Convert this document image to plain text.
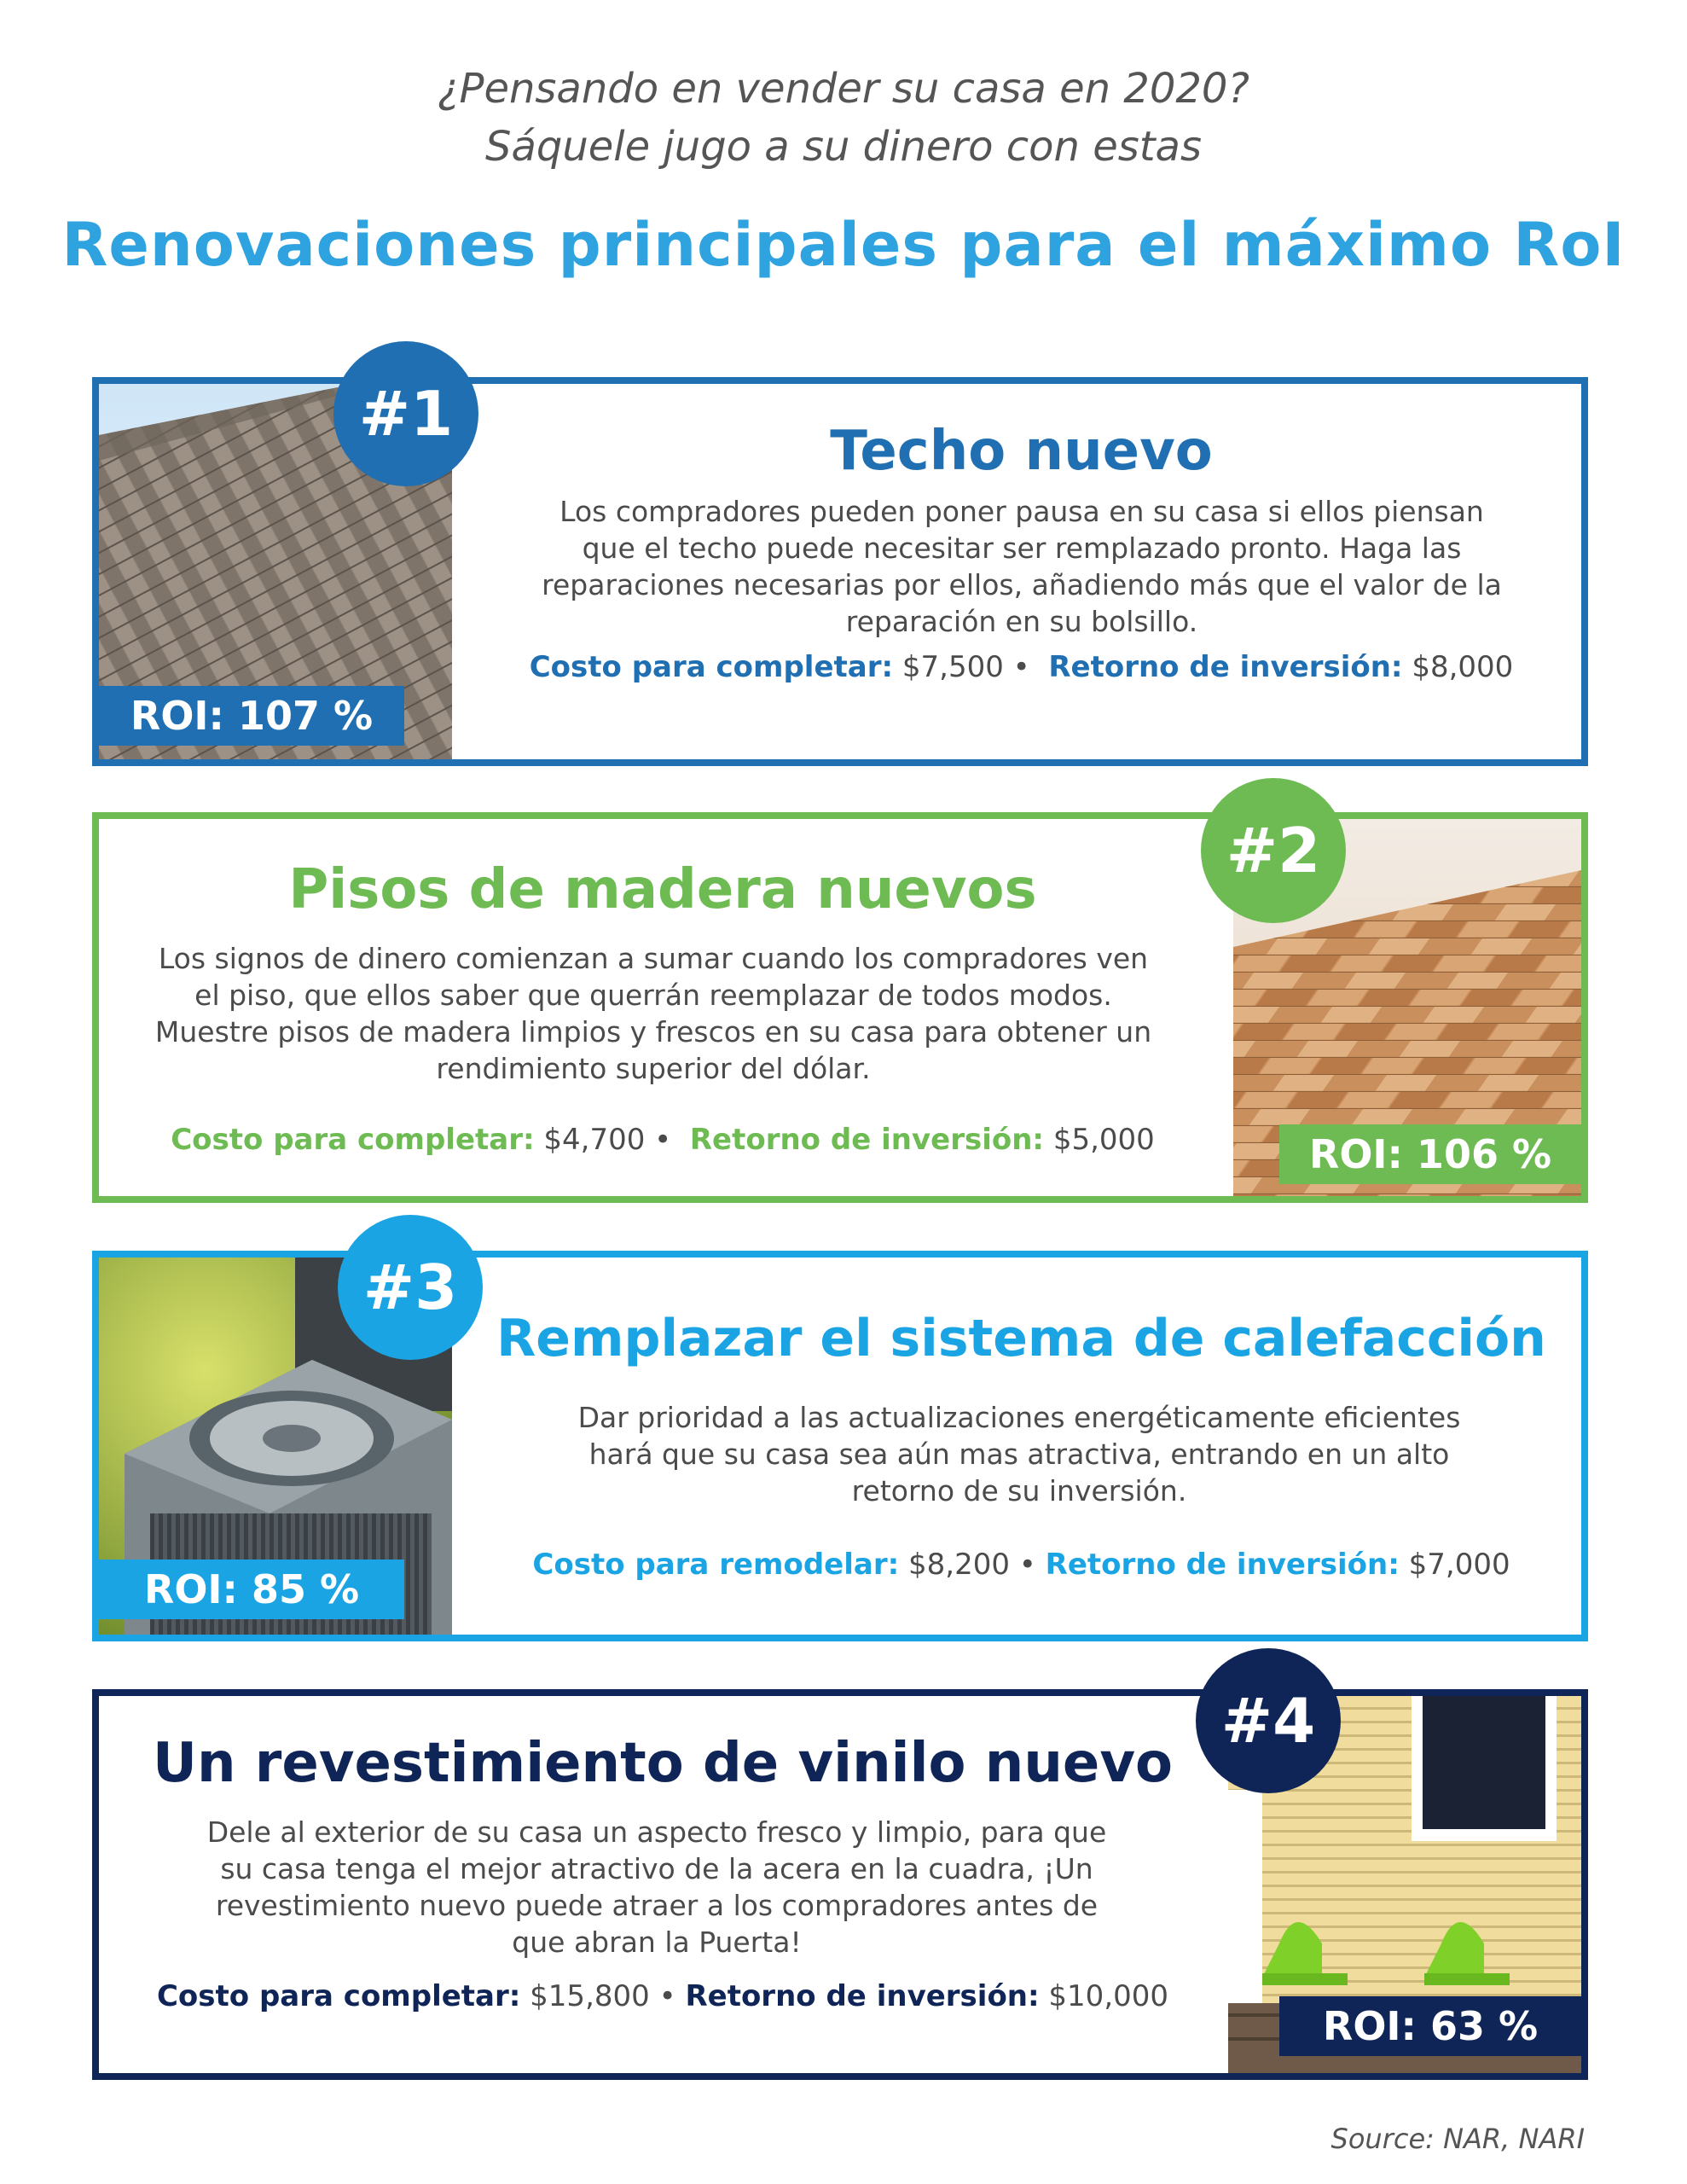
¿Pensando en vender su casa en 2020?
Sáquele jugo a su dinero con estas
Renovaciones principales para el máximo RoI
ROI: 107 %
#1
Techo nuevo
Los compradores pueden poner pausa en su casa si ellos piensan que el techo puede necesitar ser remplazado pronto. Haga las reparaciones necesarias por ellos, añadiendo más que el valor de la reparación en su bolsillo.
Costo para completar: $7,500 • Retorno de inversión: $8,000
ROI: 106 %
#2
Pisos de madera nuevos
Los signos de dinero comienzan a sumar cuando los compradores ven el piso, que ellos saber que querrán reemplazar de todos modos. Muestre pisos de madera limpios y frescos en su casa para obtener un rendimiento superior del dólar.
Costo para completar: $4,700 • Retorno de inversión: $5,000
ROI: 85 %
#3
Remplazar el sistema de calefacción
Dar prioridad a las actualizaciones energéticamente eficientes hará que su casa sea aún mas atractiva, entrando en un alto retorno de su inversión.
Costo para remodelar: $8,200 • Retorno de inversión: $7,000
ROI: 63 %
#4
Un revestimiento de vinilo nuevo
Dele al exterior de su casa un aspecto fresco y limpio, para que su casa tenga el mejor atractivo de la acera en la cuadra, ¡Un revestimiento nuevo puede atraer a los compradores antes de que abran la Puerta!
Costo para completar: $15,800 • Retorno de inversión: $10,000
Source: NAR, NARI
